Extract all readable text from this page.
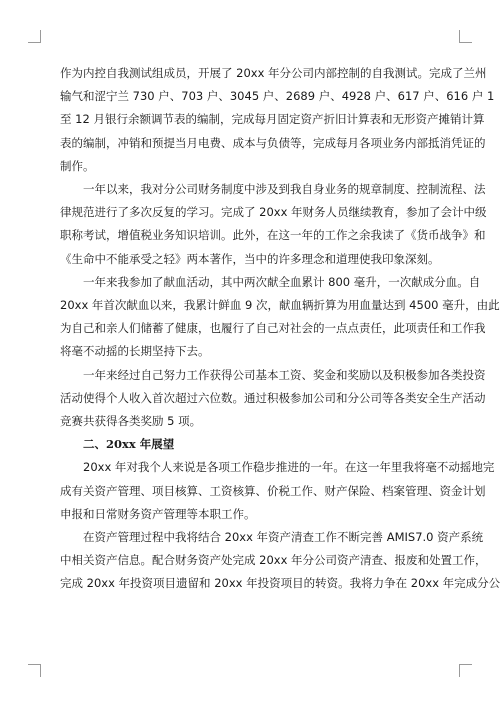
作为内控自我测试组成员，开展了 20xx 年分公司内部控制的自我测试。完成了兰州
输气和涩宁兰 730 户、703 户、3045 户、2689 户、4928 户、617 户、616 户 1
至 12 月银行余额调节表的编制，完成每月固定资产折旧计算表和无形资产摊销计算
表的编制，冲销和预提当月电费、成本与负债等，完成每月各项业务内部抵消凭证的
制作。
一年以来，我对分公司财务制度中涉及到我自身业务的规章制度、控制流程、法
律规范进行了多次反复的学习。完成了 20xx 年财务人员继续教育，参加了会计中级
职称考试，增值税业务知识培训。此外，在这一年的工作之余我读了《货币战争》和
《生命中不能承受之轻》两本著作，当中的许多理念和道理使我印象深刻。
一年来我参加了献血活动，其中两次献全血累计 800 毫升，一次献成分血。自
20xx 年首次献血以来，我累计鲜血 9 次，献血辆折算为用血量达到 4500 毫升，由此
为自己和亲人们储蓄了健康，也履行了自己对社会的一点点责任，此项责任和工作我
将毫不动摇的长期坚持下去。
一年来经过自己努力工作获得公司基本工资、奖金和奖励以及积极参加各类投资
活动使得个人收入首次超过六位数。通过积极参加公司和分公司等各类安全生产活动
竞赛共获得各类奖励 5 项。
二、20xx 年展望
20xx 年对我个人来说是各项工作稳步推进的一年。在这一年里我将毫不动摇地完
成有关资产管理、项目核算、工资核算、价税工作、财产保险、档案管理、资金计划
申报和日常财务资产管理等本职工作。
在资产管理过程中我将结合 20xx 年资产清查工作不断完善 AMIS7.0 资产系统
中相关资产信息。配合财务资产处完成 20xx 年分公司资产清查、报废和处置工作，
完成 20xx 年投资项目遗留和 20xx 年投资项目的转资。我将力争在 20xx 年完成分公
